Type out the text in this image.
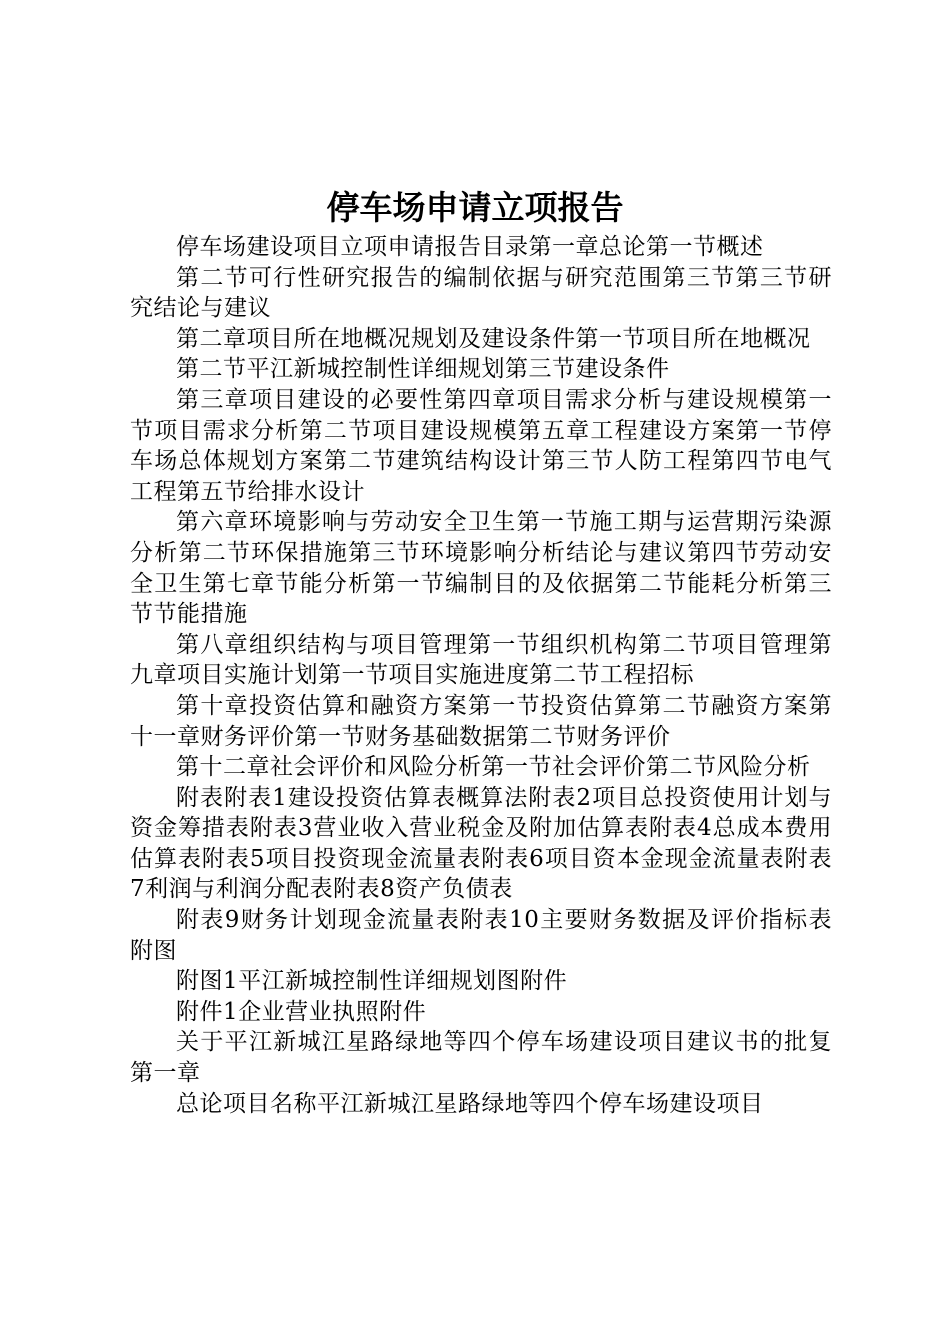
停车场申请立项报告

停车场建设项目立项申请报告目录第一章总论第一节概述

第二节可行性研究报告的编制依据与研究范围第三节第三节研究结论与建议

第二章项目所在地概况规划及建设条件第一节项目所在地概况

第二节平江新城控制性详细规划第三节建设条件

第三章项目建设的必要性第四章项目需求分析与建设规模第一节项目需求分析第二节项目建设规模第五章工程建设方案第一节停车场总体规划方案第二节建筑结构设计第三节人防工程第四节电气工程第五节给排水设计

第六章环境影响与劳动安全卫生第一节施工期与运营期污染源分析第二节环保措施第三节环境影响分析结论与建议第四节劳动安全卫生第七章节能分析第一节编制目的及依据第二节能耗分析第三节节能措施

第八章组织结构与项目管理第一节组织机构第二节项目管理第九章项目实施计划第一节项目实施进度第二节工程招标

第十章投资估算和融资方案第一节投资估算第二节融资方案第十一章财务评价第一节财务基础数据第二节财务评价

第十二章社会评价和风险分析第一节社会评价第二节风险分析

附表附表1建设投资估算表概算法附表2项目总投资使用计划与资金筹措表附表3营业收入营业税金及附加估算表附表4总成本费用估算表附表5项目投资现金流量表附表6项目资本金现金流量表附表7利润与利润分配表附表8资产负债表

附表9财务计划现金流量表附表10主要财务数据及评价指标表附图

附图1平江新城控制性详细规划图附件

附件1企业营业执照附件

关于平江新城江星路绿地等四个停车场建设项目建议书的批复第一章

总论项目名称平江新城江星路绿地等四个停车场建设项目
